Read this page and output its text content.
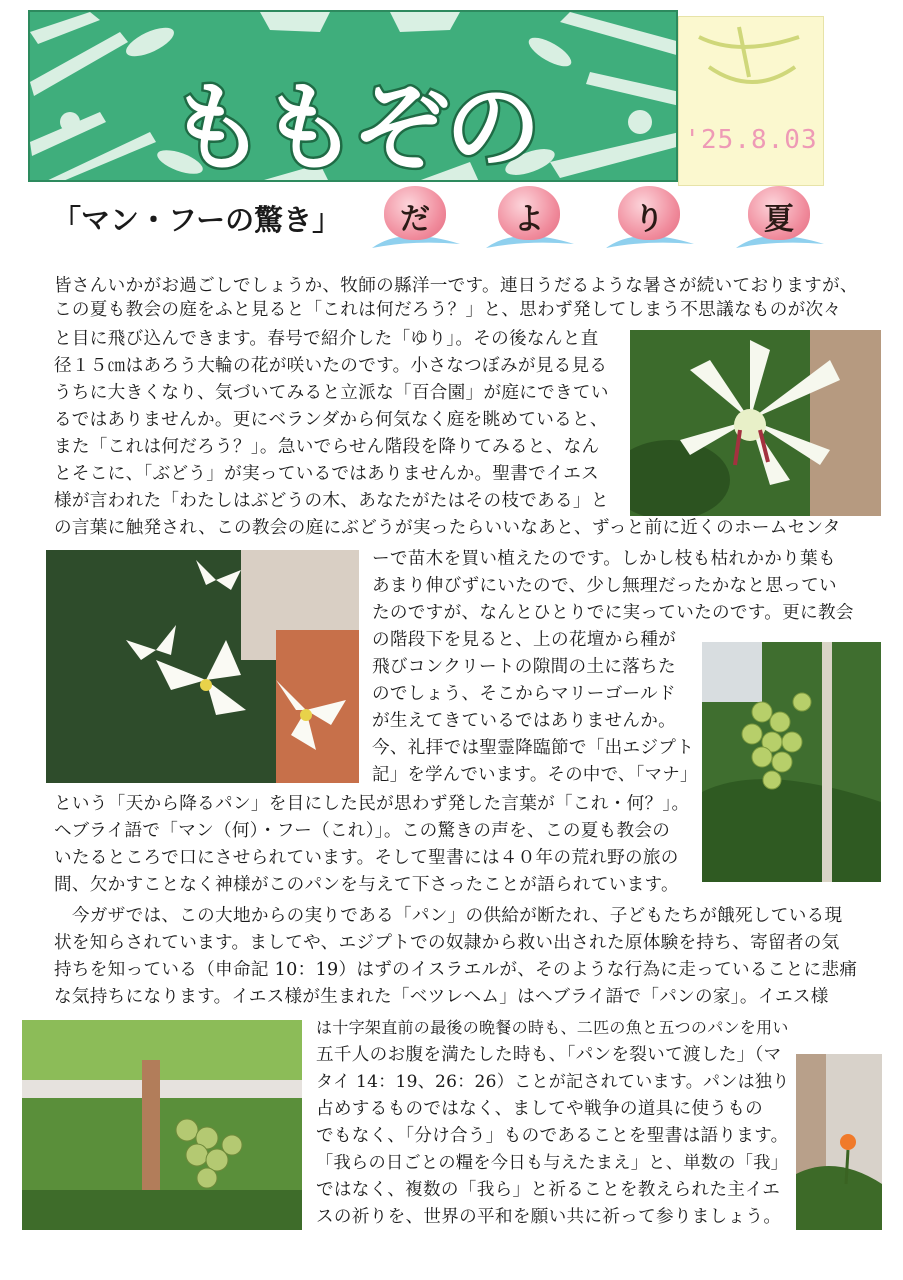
ももぞの	'25.8.03
「マン・フーの驚き」	だ	よ	り	夏
皆さんいかがお過ごしでしょうか、牧師の縣洋一です。連日うだるような暑さが続いておりますが、
この夏も教会の庭をふと見ると「これは何だろう？」と、思わず発してしまう不思議なものが次々
と目に飛び込んできます。春号で紹介した「ゆり」。その後なんと直
径１５㎝はあろう大輪の花が咲いたのです。小さなつぼみが見る見る
うちに大きくなり、気づいてみると立派な「百合園」が庭にできてい
るではありませんか。更にベランダから何気なく庭を眺めていると、
また「これは何だろう？」。急いでらせん階段を降りてみると、なん
とそこに、「ぶどう」が実っているではありませんか。聖書でイエス
様が言われた「わたしはぶどうの木、あなたがたはその枝である」と
の言葉に触発され、この教会の庭にぶどうが実ったらいいなあと、ずっと前に近くのホームセンタ
ーで苗木を買い植えたのです。しかし枝も枯れかかり葉も
あまり伸びずにいたので、少し無理だったかなと思ってい
たのですが、なんとひとりでに実っていたのです。更に教会
の階段下を見ると、上の花壇から種が
飛びコンクリートの隙間の土に落ちた
のでしょう、そこからマリーゴールド
が生えてきているではありませんか。
今、礼拝では聖霊降臨節で「出エジプト
記」を学んでいます。その中で、「マナ」
という「天から降るパン」を目にした民が思わず発した言葉が「これ・何？」。
ヘブライ語で「マン（何）・フー（これ）」。この驚きの声を、この夏も教会の
いたるところで口にさせられています。そして聖書には４０年の荒れ野の旅の
間、欠かすことなく神様がこのパンを与えて下さったことが語られています。
　今ガザでは、この大地からの実りである「パン」の供給が断たれ、子どもたちが餓死している現
状を知らされています。ましてや、エジプトでの奴隷から救い出された原体験を持ち、寄留者の気
持ちを知っている（申命記 10：19）はずのイスラエルが、そのような行為に走っていることに悲痛
な気持ちになります。イエス様が生まれた「ベツレヘム」はヘブライ語で「パンの家」。イエス様
は十字架直前の最後の晩餐の時も、二匹の魚と五つのパンを用い
五千人のお腹を満たした時も、「パンを裂いて渡した」（マ
タイ 14：19、26：26）ことが記されています。パンは独り
占めするものではなく、ましてや戦争の道具に使うもの
でもなく、「分け合う」ものであることを聖書は語ります。
「我らの日ごとの糧を今日も与えたまえ」と、単数の「我」
ではなく、複数の「我ら」と祈ることを教えられた主イエ
スの祈りを、世界の平和を願い共に祈って参りましょう。
